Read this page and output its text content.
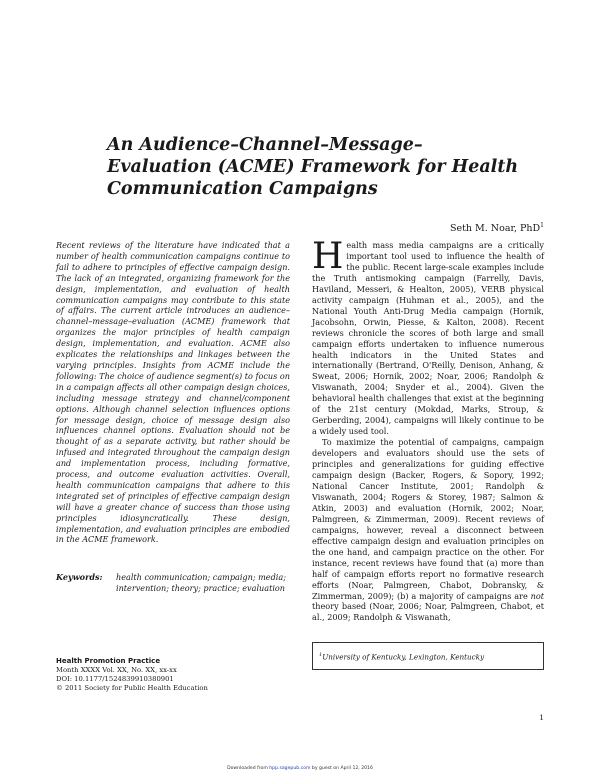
An Audience–Channel–Message–Evaluation (ACME) Framework for Health Communication Campaigns
Seth M. Noar, PhD$^1$

Recent reviews of the literature have indicated that a number of health communication campaigns continue to fail to adhere to principles of effective campaign design. The lack of an integrated, organizing framework for the design, implementation, and evaluation of health communication campaigns may contribute to this state of affairs. The current article introduces an audience–channel–message–evaluation (ACME) framework that organizes the major principles of health campaign design, implementation, and evaluation. ACME also explicates the relationships and linkages between the varying principles. Insights from ACME include the following: The choice of audience segment(s) to focus on in a campaign affects all other campaign design choices, including message strategy and channel/component options. Although channel selection influences options for message design, choice of message design also influences channel options. Evaluation should not be thought of as a separate activity, but rather should be infused and integrated throughout the campaign design and implementation process, including formative, process, and outcome evaluation activities. Overall, health communication campaigns that adhere to this integrated set of principles of effective campaign design will have a greater chance of success than those using principles idiosyncratically. These design, implementation, and evaluation principles are embodied in the ACME framework.

Keywords: health communication; campaign; media; intervention; theory; practice; evaluation

Health mass media campaigns are a critically important tool used to influence the health of the public. Recent large-scale examples include the Truth antismoking campaign (Farrelly, Davis, Haviland, Messeri, & Healton, 2005), VERB physical activity campaign (Huhman et al., 2005), and the National Youth Anti-Drug Media campaign (Hornik, Jacobsohn, Orwin, Piesse, & Kalton, 2008). Recent reviews chronicle the scores of both large and small campaign efforts undertaken to influence numerous health indicators in the United States and internationally (Bertrand, O'Reilly, Denison, Anhang, & Sweat, 2006; Hornik, 2002; Noar, 2006; Randolph & Viswanath, 2004; Snyder et al., 2004). Given the behavioral health challenges that exist at the beginning of the 21st century (Mokdad, Marks, Stroup, & Gerberding, 2004), campaigns will likely continue to be a widely used tool.

To maximize the potential of campaigns, campaign developers and evaluators should use the sets of principles and generalizations for guiding effective campaign design (Backer, Rogers, & Sopory, 1992; National Cancer Institute, 2001; Randolph & Viswanath, 2004; Rogers & Storey, 1987; Salmon & Atkin, 2003) and evaluation (Hornik, 2002; Noar, Palmgreen, & Zimmerman, 2009). Recent reviews of campaigns, however, reveal a disconnect between effective campaign design and evaluation principles on the one hand, and campaign practice on the other. For instance, recent reviews have found that (a) more than half of campaign efforts report no formative research efforts (Noar, Palmgreen, Chabot, Dobransky, & Zimmerman, 2009); (b) a majority of campaigns are not theory based (Noar, 2006; Noar, Palmgreen, Chabot, et al., 2009; Randolph & Viswanath,

Health Promotion Practice
Month XXXX Vol. XX, No. XX, xx-xx
DOI: 10.1177/1524839910380901
© 2011 Society for Public Health Education
$^1$University of Kentucky, Lexington, Kentucky
1
Downloaded from hpp.sagepub.com by guest on April 12, 2016
